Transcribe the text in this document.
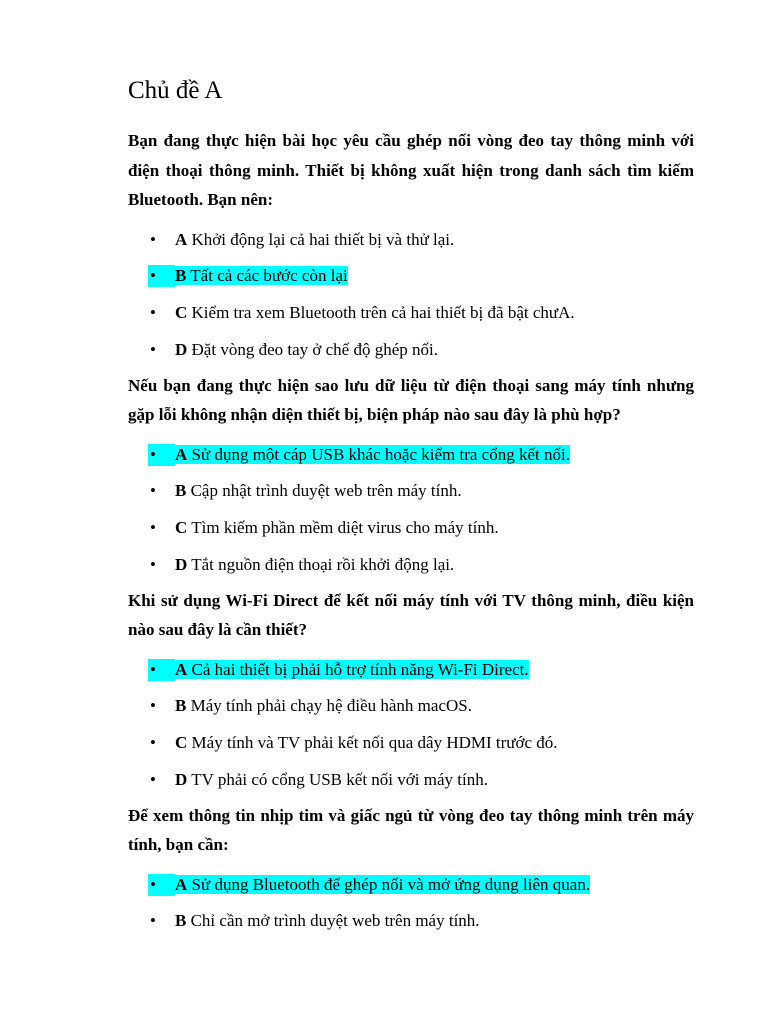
Chủ đề A

Bạn đang thực hiện bài học yêu cầu ghép nối vòng đeo tay thông minh với điện thoại thông minh. Thiết bị không xuất hiện trong danh sách tìm kiếm Bluetooth. Bạn nên:

• A Khởi động lại cả hai thiết bị và thử lại.
•	B Tất cả các bước còn lại
• C Kiểm tra xem Bluetooth trên cả hai thiết bị đã bật chưA.
• D Đặt vòng đeo tay ở chế độ ghép nối.

Nếu bạn đang thực hiện sao lưu dữ liệu từ điện thoại sang máy tính nhưng gặp lỗi không nhận diện thiết bị, biện pháp nào sau đây là phù hợp?

•	A Sử dụng một cáp USB khác hoặc kiểm tra cổng kết nối.
• B Cập nhật trình duyệt web trên máy tính.
• C Tìm kiếm phần mềm diệt virus cho máy tính.
• D Tắt nguồn điện thoại rồi khởi động lại.

Khi sử dụng Wi-Fi Direct để kết nối máy tính với TV thông minh, điều kiện nào sau đây là cần thiết?

•	A Cả hai thiết bị phải hỗ trợ tính năng Wi-Fi Direct.
• B Máy tính phải chạy hệ điều hành macOS.
• C Máy tính và TV phải kết nối qua dây HDMI trước đó.
• D TV phải có cổng USB kết nối với máy tính.

Để xem thông tin nhịp tim và giấc ngủ từ vòng đeo tay thông minh trên máy tính, bạn cần:

•	A Sử dụng Bluetooth để ghép nối và mở ứng dụng liên quan.
• B Chỉ cần mở trình duyệt web trên máy tính.
